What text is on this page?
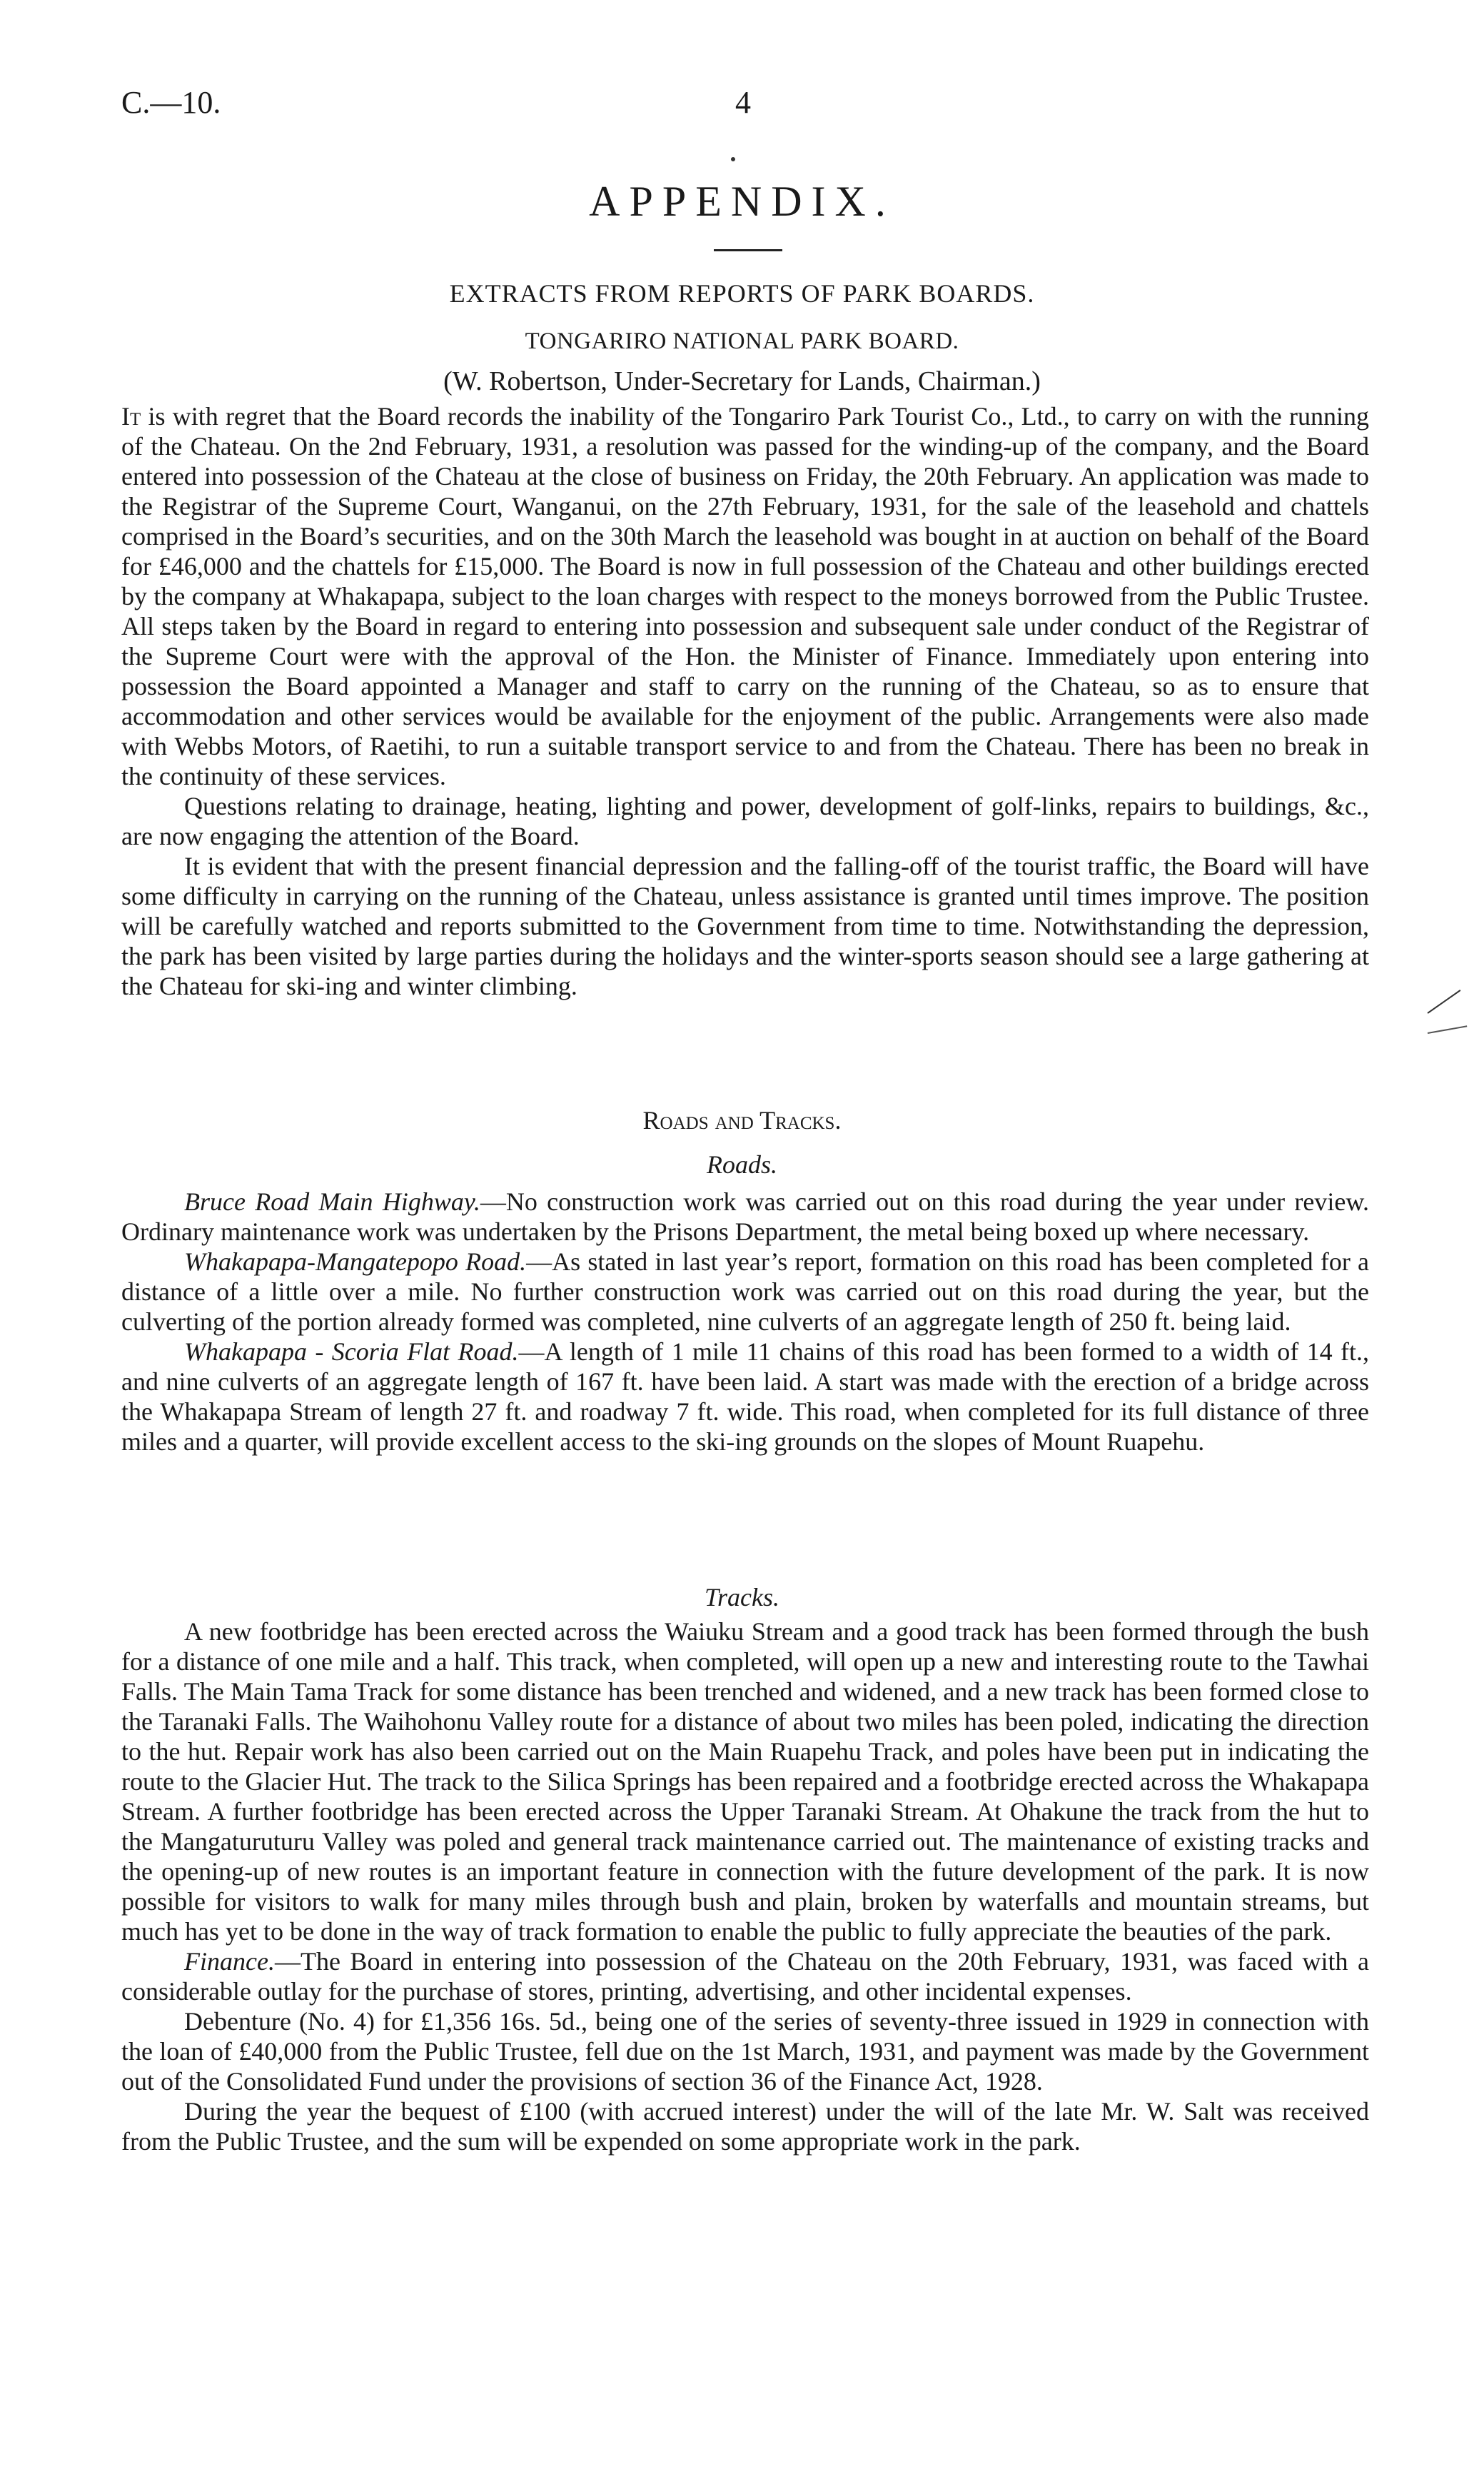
C.—10.	4
APPENDIX.
EXTRACTS FROM REPORTS OF PARK BOARDS.
TONGARIRO NATIONAL PARK BOARD.
(W. Robertson, Under-Secretary for Lands, Chairman.)

It is with regret that the Board records the inability of the Tongariro Park Tourist Co., Ltd., to carry on with the running of the Chateau. On the 2nd February, 1931, a resolution was passed for the winding-up of the company, and the Board entered into possession of the Chateau at the close of business on Friday, the 20th February. An application was made to the Registrar of the Supreme Court, Wanganui, on the 27th February, 1931, for the sale of the leasehold and chattels comprised in the Board’s securities, and on the 30th March the leasehold was bought in at auction on behalf of the Board for £46,000 and the chattels for £15,000. The Board is now in full possession of the Chateau and other buildings erected by the company at Whakapapa, subject to the loan charges with respect to the moneys borrowed from the Public Trustee. All steps taken by the Board in regard to entering into possession and subsequent sale under conduct of the Registrar of the Supreme Court were with the approval of the Hon. the Minister of Finance. Immediately upon entering into possession the Board appointed a Manager and staff to carry on the running of the Chateau, so as to ensure that accommodation and other services would be available for the enjoyment of the public. Arrangements were also made with Webbs Motors, of Raetihi, to run a suitable transport service to and from the Chateau. There has been no break in the continuity of these services.

Questions relating to drainage, heating, lighting and power, development of golf-links, repairs to buildings, &c., are now engaging the attention of the Board.

It is evident that with the present financial depression and the falling-off of the tourist traffic, the Board will have some difficulty in carrying on the running of the Chateau, unless assistance is granted until times improve. The position will be carefully watched and reports submitted to the Government from time to time. Notwithstanding the depression, the park has been visited by large parties during the holidays and the winter-sports season should see a large gathering at the Chateau for ski-ing and winter climbing.

Roads and Tracks.
Roads.

Bruce Road Main Highway.—No construction work was carried out on this road during the year under review. Ordinary maintenance work was undertaken by the Prisons Department, the metal being boxed up where necessary.

Whakapapa-Mangatepopo Road.—As stated in last year’s report, formation on this road has been completed for a distance of a little over a mile. No further construction work was carried out on this road during the year, but the culverting of the portion already formed was completed, nine culverts of an aggregate length of 250 ft. being laid.

Whakapapa - Scoria Flat Road.—A length of 1 mile 11 chains of this road has been formed to a width of 14 ft., and nine culverts of an aggregate length of 167 ft. have been laid. A start was made with the erection of a bridge across the Whakapapa Stream of length 27 ft. and roadway 7 ft. wide. This road, when completed for its full distance of three miles and a quarter, will provide excellent access to the ski-ing grounds on the slopes of Mount Ruapehu.

Tracks.

A new footbridge has been erected across the Waiuku Stream and a good track has been formed through the bush for a distance of one mile and a half. This track, when completed, will open up a new and interesting route to the Tawhai Falls. The Main Tama Track for some distance has been trenched and widened, and a new track has been formed close to the Taranaki Falls. The Waihohonu Valley route for a distance of about two miles has been poled, indicating the direction to the hut. Repair work has also been carried out on the Main Ruapehu Track, and poles have been put in indicating the route to the Glacier Hut. The track to the Silica Springs has been repaired and a footbridge erected across the Whakapapa Stream. A further footbridge has been erected across the Upper Taranaki Stream. At Ohakune the track from the hut to the Mangaturuturu Valley was poled and general track maintenance carried out. The maintenance of existing tracks and the opening-up of new routes is an important feature in connection with the future development of the park. It is now possible for visitors to walk for many miles through bush and plain, broken by waterfalls and mountain streams, but much has yet to be done in the way of track formation to enable the public to fully appreciate the beauties of the park.

Finance.—The Board in entering into possession of the Chateau on the 20th February, 1931, was faced with a considerable outlay for the purchase of stores, printing, advertising, and other incidental expenses.

Debenture (No. 4) for £1,356 16s. 5d., being one of the series of seventy-three issued in 1929 in connection with the loan of £40,000 from the Public Trustee, fell due on the 1st March, 1931, and payment was made by the Government out of the Consolidated Fund under the provisions of section 36 of the Finance Act, 1928.

During the year the bequest of £100 (with accrued interest) under the will of the late Mr. W. Salt was received from the Public Trustee, and the sum will be expended on some appropriate work in the park.
